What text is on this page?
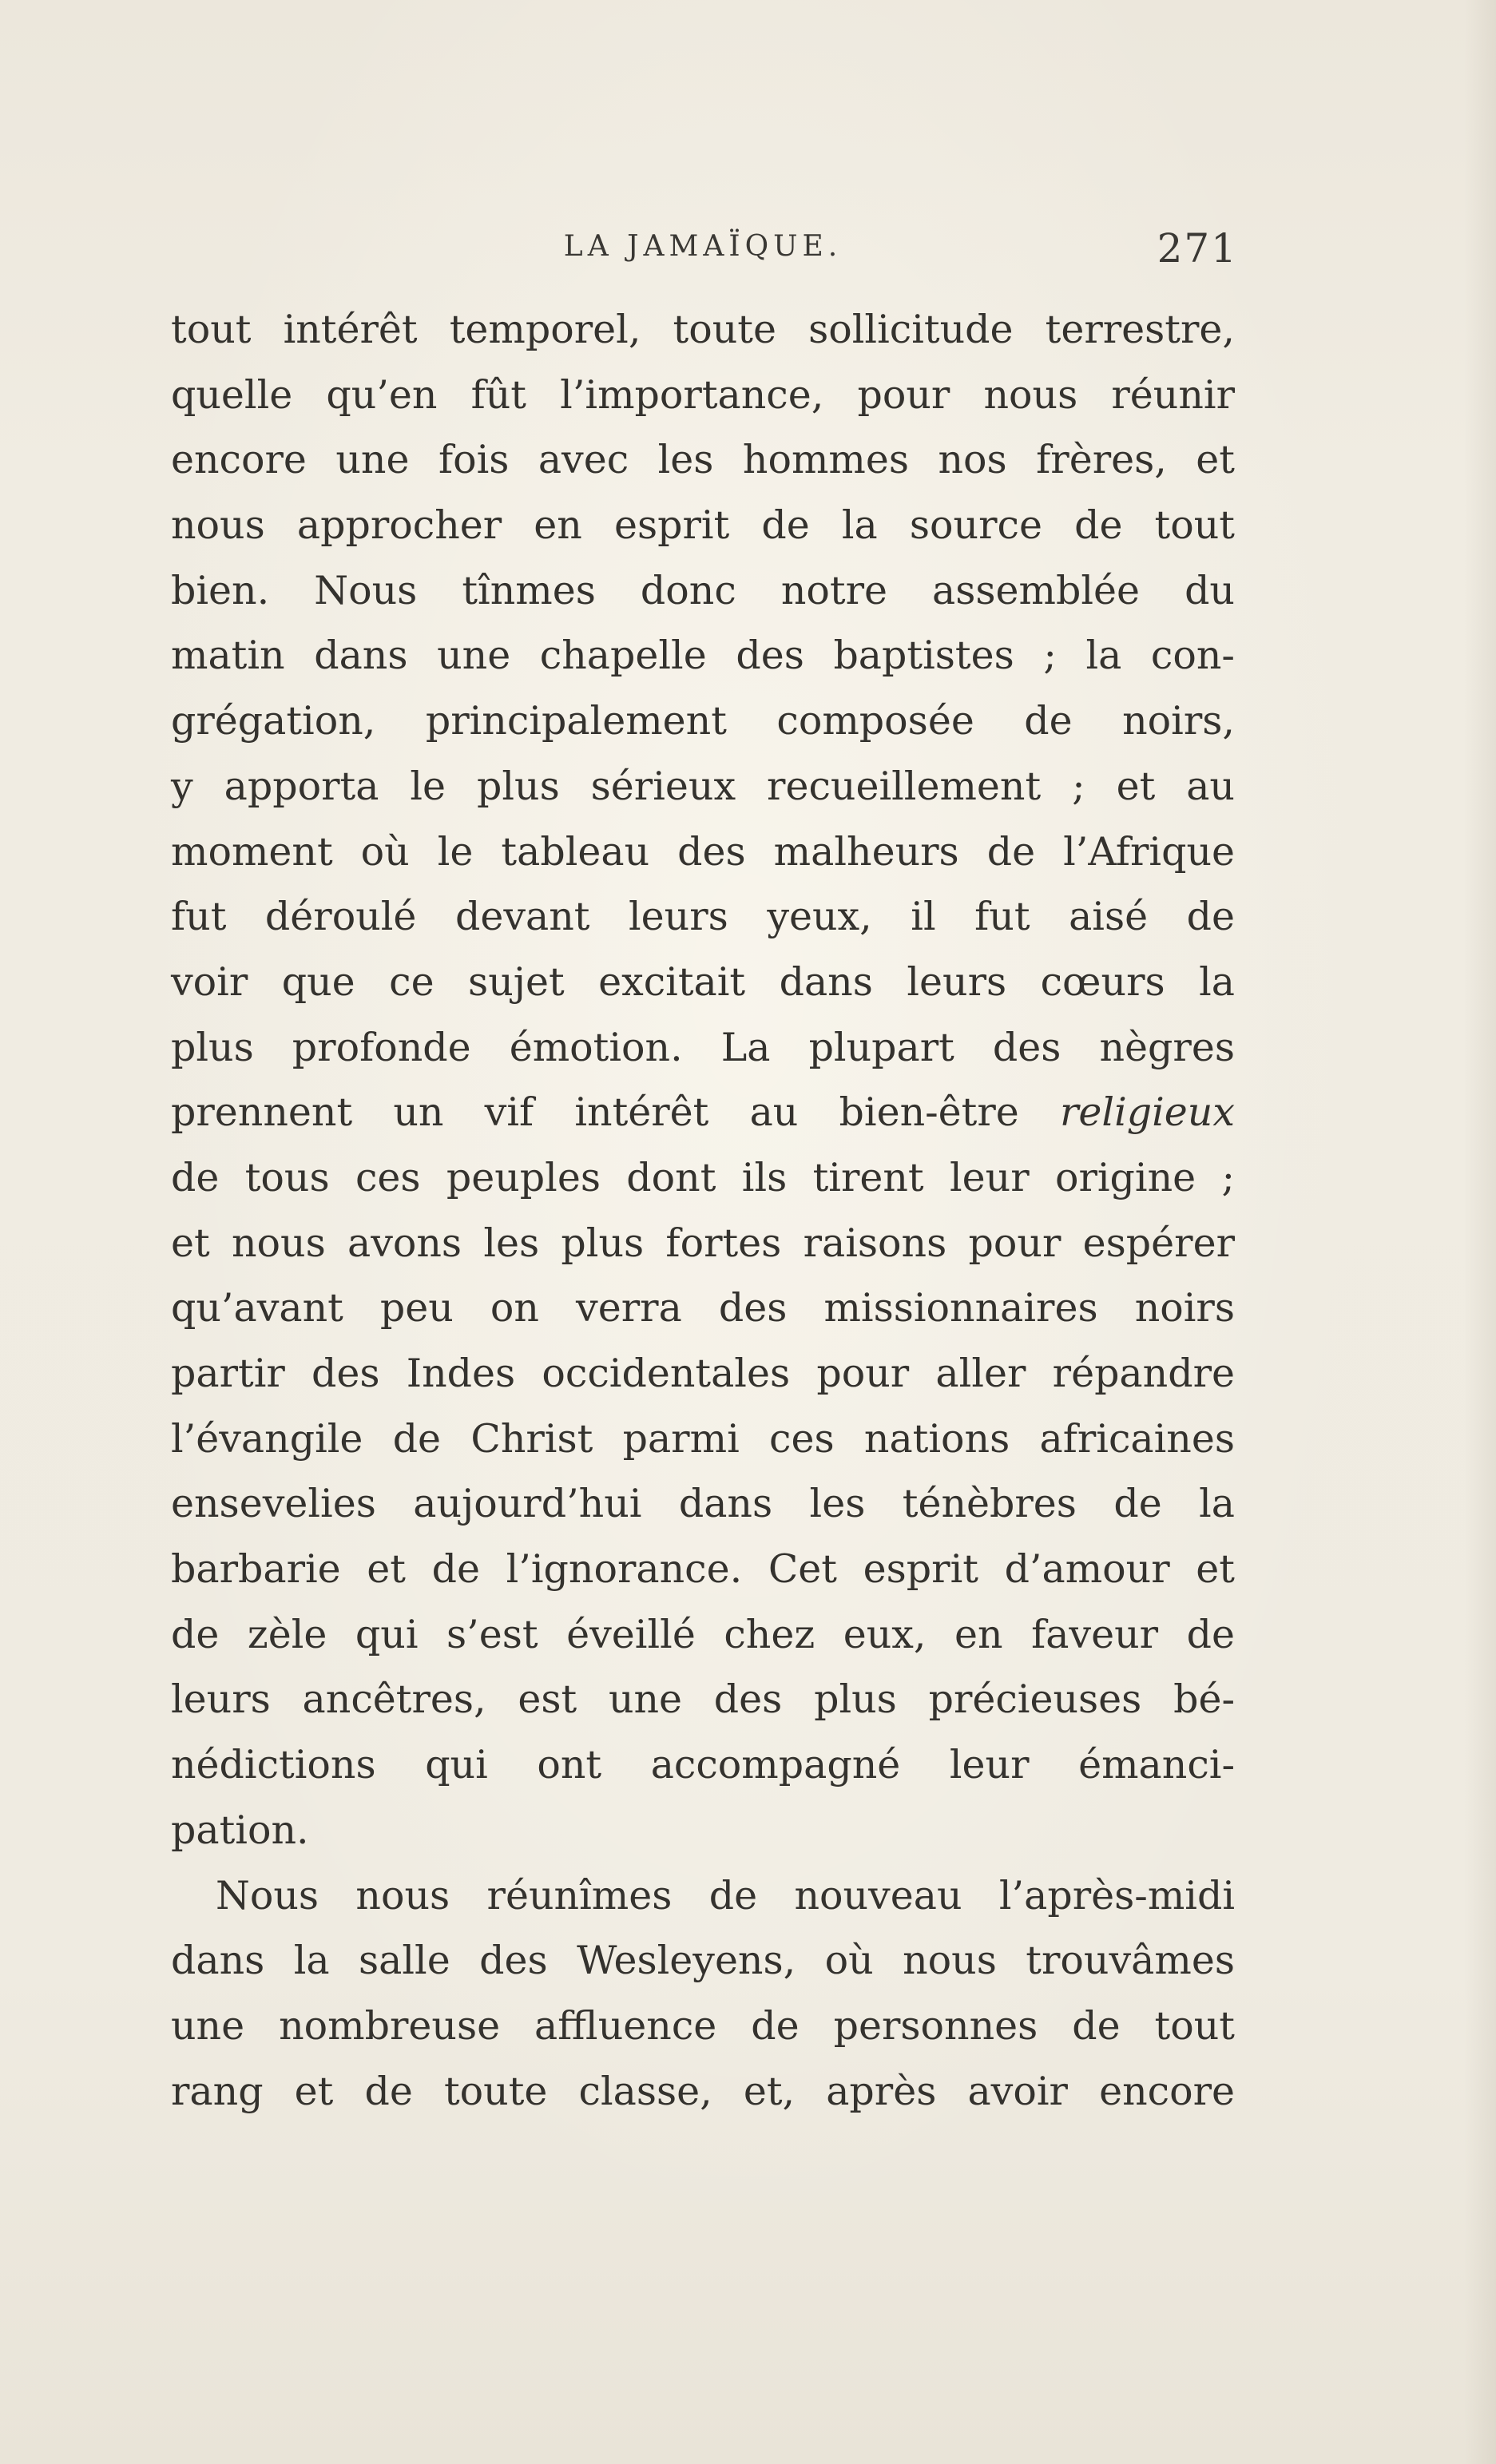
LA JAMAÏQUE.	271
tout intérêt temporel, toute sollicitude terrestre,
quelle qu’en fût l’importance, pour nous réunir
encore une fois avec les hommes nos frères, et
nous approcher en esprit de la source de tout
bien. Nous tînmes donc notre assemblée du
matin dans une chapelle des baptistes ; la con-
grégation, principalement composée de noirs,
y apporta le plus sérieux recueillement ; et au
moment où le tableau des malheurs de l’Afrique
fut déroulé devant leurs yeux, il fut aisé de
voir que ce sujet excitait dans leurs cœurs la
plus profonde émotion. La plupart des nègres
prennent un vif intérêt au bien-être religieux
de tous ces peuples dont ils tirent leur origine ;
et nous avons les plus fortes raisons pour espérer
qu’avant peu on verra des missionnaires noirs
partir des Indes occidentales pour aller répandre
l’évangile de Christ parmi ces nations africaines
ensevelies aujourd’hui dans les ténèbres de la
barbarie et de l’ignorance. Cet esprit d’amour et
de zèle qui s’est éveillé chez eux, en faveur de
leurs ancêtres, est une des plus précieuses bé-
nédictions qui ont accompagné leur émanci-
pation.
Nous nous réunîmes de nouveau l’après-midi
dans la salle des Wesleyens, où nous trouvâmes
une nombreuse affluence de personnes de tout
rang et de toute classe, et, après avoir encore
